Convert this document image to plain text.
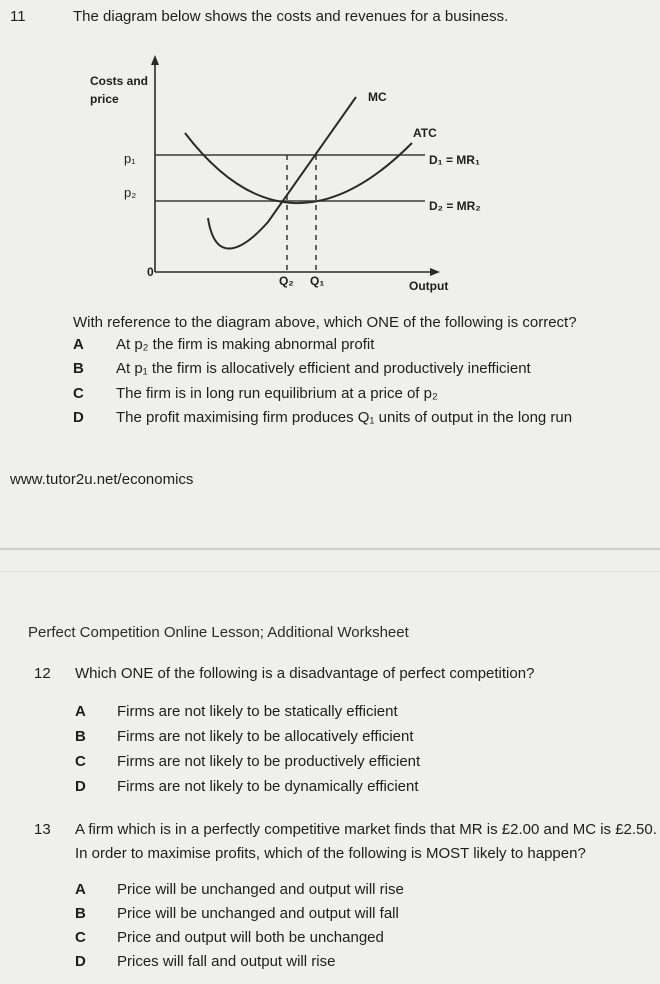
11	The diagram below shows the costs and revenues for a business.
Costs and
price	MC
ATC
p₁
p₂
D₁ = MR₁
D₂ = MR₂
0
Q₂ Q₁	Output
With reference to the diagram above, which ONE of the following is correct?
A At p₂ the firm is making abnormal profit
B At p₁ the firm is allocatively efficient and productively inefficient
C The firm is in long run equilibrium at a price of p₂
D The profit maximising firm produces Q₁ units of output in the long run
www.tutor2u.net/economics
Perfect Competition Online Lesson; Additional Worksheet
12 Which ONE of the following is a disadvantage of perfect competition?
A Firms are not likely to be statically efficient
B Firms are not likely to be allocatively efficient
C Firms are not likely to be productively efficient
D Firms are not likely to be dynamically efficient
13 A firm which is in a perfectly competitive market finds that MR is £2.00 and MC is £2.50.
In order to maximise profits, which of the following is MOST likely to happen?
A Price will be unchanged and output will rise
B Price will be unchanged and output will fall
C Price and output will both be unchanged
D Prices will fall and output will rise
